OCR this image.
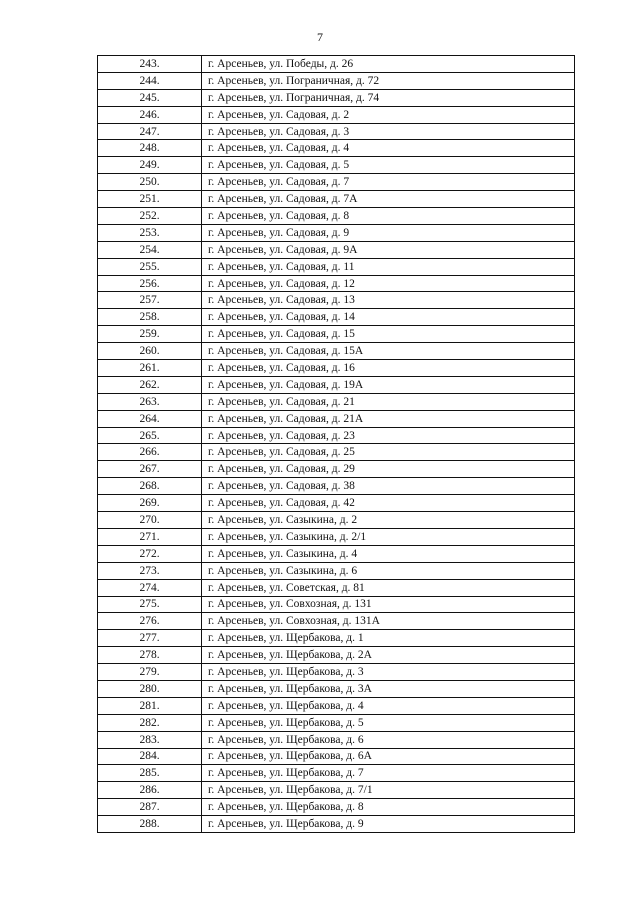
7
243.	г. Арсеньев, ул. Победы, д. 26
244.	г. Арсеньев, ул. Пограничная, д. 72
245.	г. Арсеньев, ул. Пограничная, д. 74
246.	г. Арсеньев, ул. Садовая, д. 2
247.	г. Арсеньев, ул. Садовая, д. 3
248.	г. Арсеньев, ул. Садовая, д. 4
249.	г. Арсеньев, ул. Садовая, д. 5
250.	г. Арсеньев, ул. Садовая, д. 7
251.	г. Арсеньев, ул. Садовая, д. 7А
252.	г. Арсеньев, ул. Садовая, д. 8
253.	г. Арсеньев, ул. Садовая, д. 9
254.	г. Арсеньев, ул. Садовая, д. 9А
255.	г. Арсеньев, ул. Садовая, д. 11
256.	г. Арсеньев, ул. Садовая, д. 12
257.	г. Арсеньев, ул. Садовая, д. 13
258.	г. Арсеньев, ул. Садовая, д. 14
259.	г. Арсеньев, ул. Садовая, д. 15
260.	г. Арсеньев, ул. Садовая, д. 15А
261.	г. Арсеньев, ул. Садовая, д. 16
262.	г. Арсеньев, ул. Садовая, д. 19А
263.	г. Арсеньев, ул. Садовая, д. 21
264.	г. Арсеньев, ул. Садовая, д. 21А
265.	г. Арсеньев, ул. Садовая, д. 23
266.	г. Арсеньев, ул. Садовая, д. 25
267.	г. Арсеньев, ул. Садовая, д. 29
268.	г. Арсеньев, ул. Садовая, д. 38
269.	г. Арсеньев, ул. Садовая, д. 42
270.	г. Арсеньев, ул. Сазыкина, д. 2
271.	г. Арсеньев, ул. Сазыкина, д. 2/1
272.	г. Арсеньев, ул. Сазыкина, д. 4
273.	г. Арсеньев, ул. Сазыкина, д. 6
274.	г. Арсеньев, ул. Советская, д. 81
275.	г. Арсеньев, ул. Совхозная, д. 131
276.	г. Арсеньев, ул. Совхозная, д. 131А
277.	г. Арсеньев, ул. Щербакова, д. 1
278.	г. Арсеньев, ул. Щербакова, д. 2А
279.	г. Арсеньев, ул. Щербакова, д. 3
280.	г. Арсеньев, ул. Щербакова, д. 3А
281.	г. Арсеньев, ул. Щербакова, д. 4
282.	г. Арсеньев, ул. Щербакова, д. 5
283.	г. Арсеньев, ул. Щербакова, д. 6
284.	г. Арсеньев, ул. Щербакова, д. 6А
285.	г. Арсеньев, ул. Щербакова, д. 7
286.	г. Арсеньев, ул. Щербакова, д. 7/1
287.	г. Арсеньев, ул. Щербакова, д. 8
288.	г. Арсеньев, ул. Щербакова, д. 9
